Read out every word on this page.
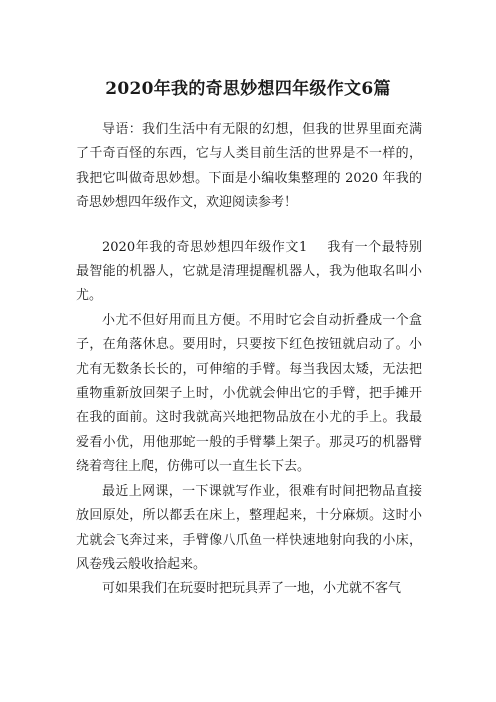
2020年我的奇思妙想四年级作文6篇

导语：我们生活中有无限的幻想，但我的世界里面充满了千奇百怪的东西，它与人类目前生活的世界是不一样的，我把它叫做奇思妙想。下面是小编收集整理的 2020 年我的奇思妙想四年级作文，欢迎阅读参考！

2020年我的奇思妙想四年级作文1 我有一个最特别最智能的机器人，它就是清理提醒机器人，我为他取名叫小尤。

小尤不但好用而且方便。不用时它会自动折叠成一个盒子，在角落休息。要用时，只要按下红色按钮就启动了。小尤有无数条长长的，可伸缩的手臂。每当我因太矮，无法把重物重新放回架子上时，小优就会伸出它的手臂，把手摊开在我的面前。这时我就高兴地把物品放在小尤的手上。我最爱看小优，用他那蛇一般的手臂攀上架子。那灵巧的机器臂绕着弯往上爬，仿佛可以一直生长下去。

最近上网课，一下课就写作业，很难有时间把物品直接放回原处，所以都丢在床上，整理起来，十分麻烦。这时小尤就会飞奔过来，手臂像八爪鱼一样快速地射向我的小床，风卷残云般收拾起来。

可如果我们在玩耍时把玩具弄了一地，小尤就不客气
